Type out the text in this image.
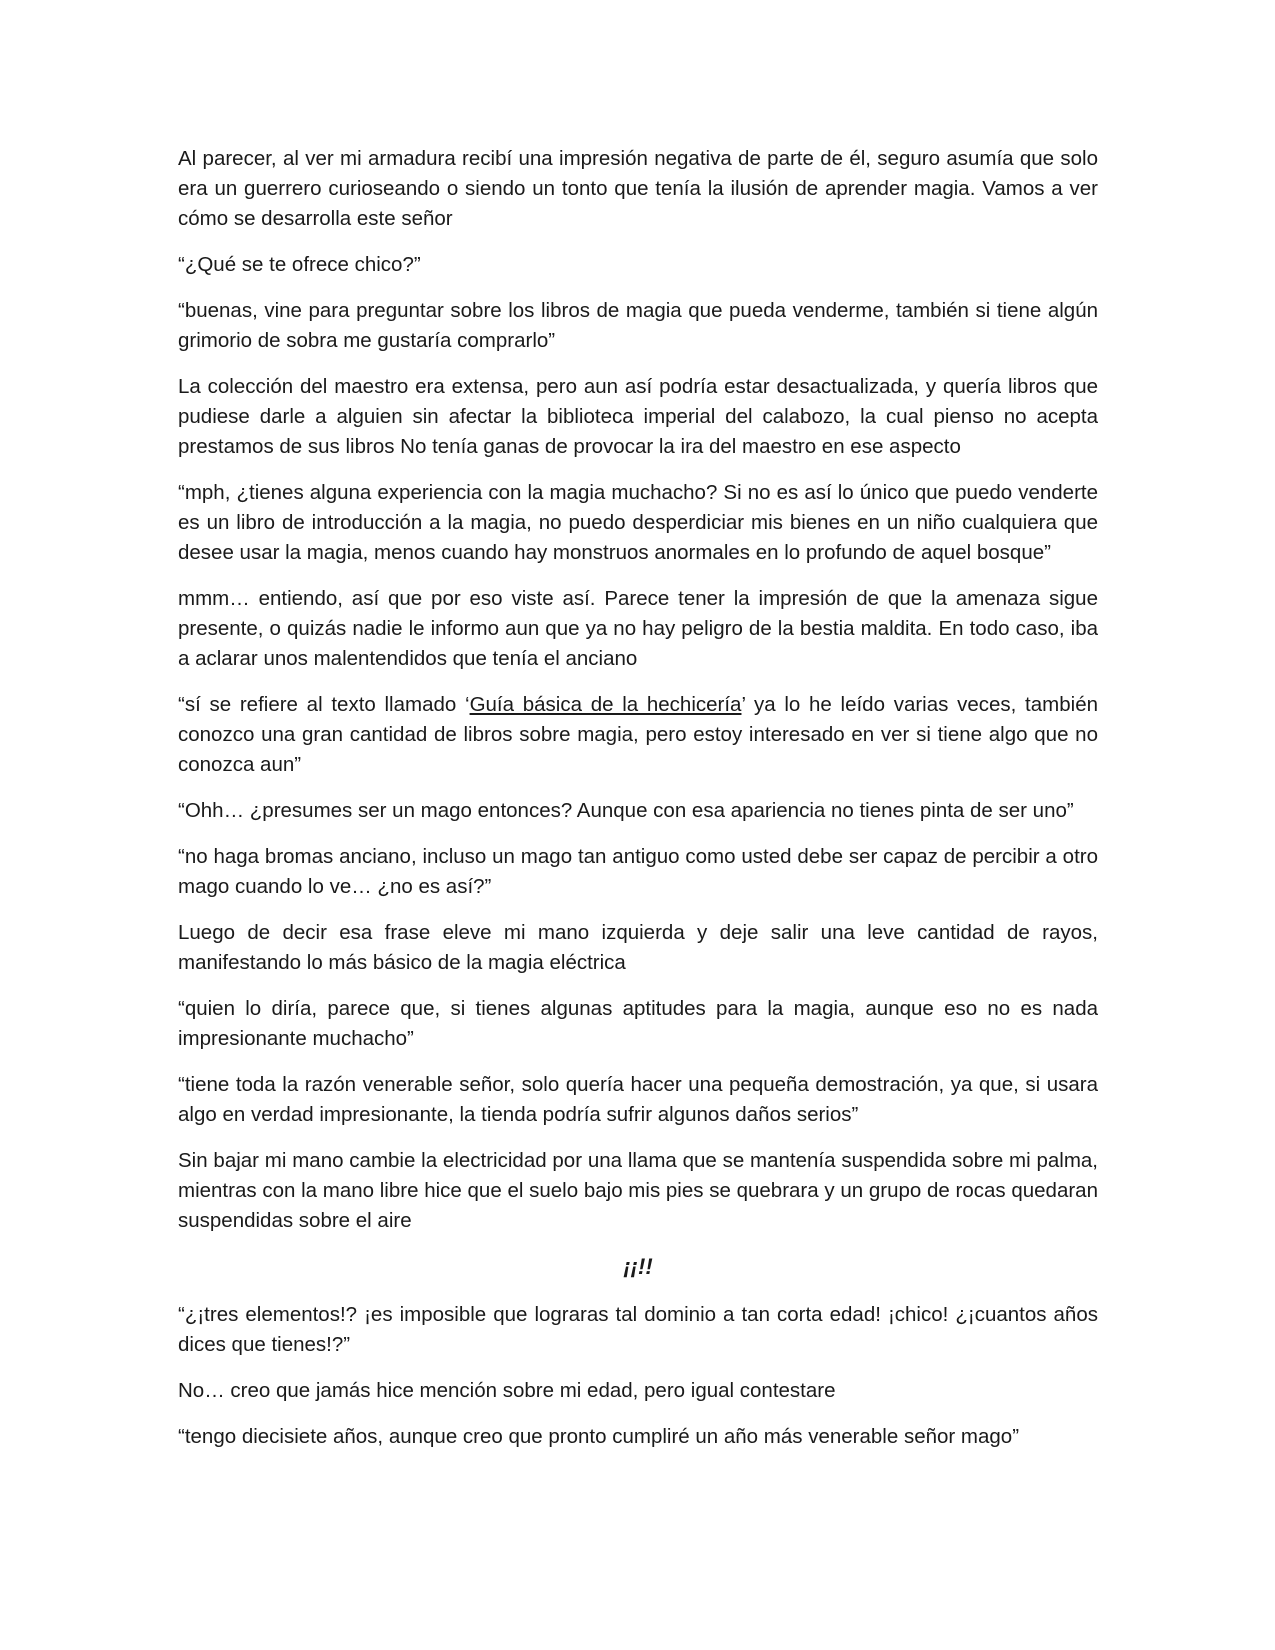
Al parecer, al ver mi armadura recibí una impresión negativa de parte de él, seguro asumía que solo era un guerrero curioseando o siendo un tonto que tenía la ilusión de aprender magia. Vamos a ver cómo se desarrolla este señor

“¿Qué se te ofrece chico?”

“buenas, vine para preguntar sobre los libros de magia que pueda venderme, también si tiene algún grimorio de sobra me gustaría comprarlo”

La colección del maestro era extensa, pero aun así podría estar desactualizada, y quería libros que pudiese darle a alguien sin afectar la biblioteca imperial del calabozo, la cual pienso no acepta prestamos de sus libros No tenía ganas de provocar la ira del maestro en ese aspecto

“mph, ¿tienes alguna experiencia con la magia muchacho? Si no es así lo único que puedo venderte es un libro de introducción a la magia, no puedo desperdiciar mis bienes en un niño cualquiera que desee usar la magia, menos cuando hay monstruos anormales en lo profundo de aquel bosque”

mmm… entiendo, así que por eso viste así. Parece tener la impresión de que la amenaza sigue presente, o quizás nadie le informo aun que ya no hay peligro de la bestia maldita. En todo caso, iba a aclarar unos malentendidos que tenía el anciano

“sí se refiere al texto llamado ‘Guía básica de la hechicería’ ya lo he leído varias veces, también conozco una gran cantidad de libros sobre magia, pero estoy interesado en ver si tiene algo que no conozca aun”

“Ohh… ¿presumes ser un mago entonces? Aunque con esa apariencia no tienes pinta de ser uno”

“no haga bromas anciano, incluso un mago tan antiguo como usted debe ser capaz de percibir a otro mago cuando lo ve… ¿no es así?”

Luego de decir esa frase eleve mi mano izquierda y deje salir una leve cantidad de rayos, manifestando lo más básico de la magia eléctrica

“quien lo diría, parece que, si tienes algunas aptitudes para la magia, aunque eso no es nada impresionante muchacho”

“tiene toda la razón venerable señor, solo quería hacer una pequeña demostración, ya que, si usara algo en verdad impresionante, la tienda podría sufrir algunos daños serios”

Sin bajar mi mano cambie la electricidad por una llama que se mantenía suspendida sobre mi palma, mientras con la mano libre hice que el suelo bajo mis pies se quebrara y un grupo de rocas quedaran suspendidas sobre el aire

¡¡!!

“¿¡tres elementos!? ¡es imposible que lograras tal dominio a tan corta edad! ¡chico! ¿¡cuantos años dices que tienes!?”

No… creo que jamás hice mención sobre mi edad, pero igual contestare

“tengo diecisiete años, aunque creo que pronto cumpliré un año más venerable señor mago”
